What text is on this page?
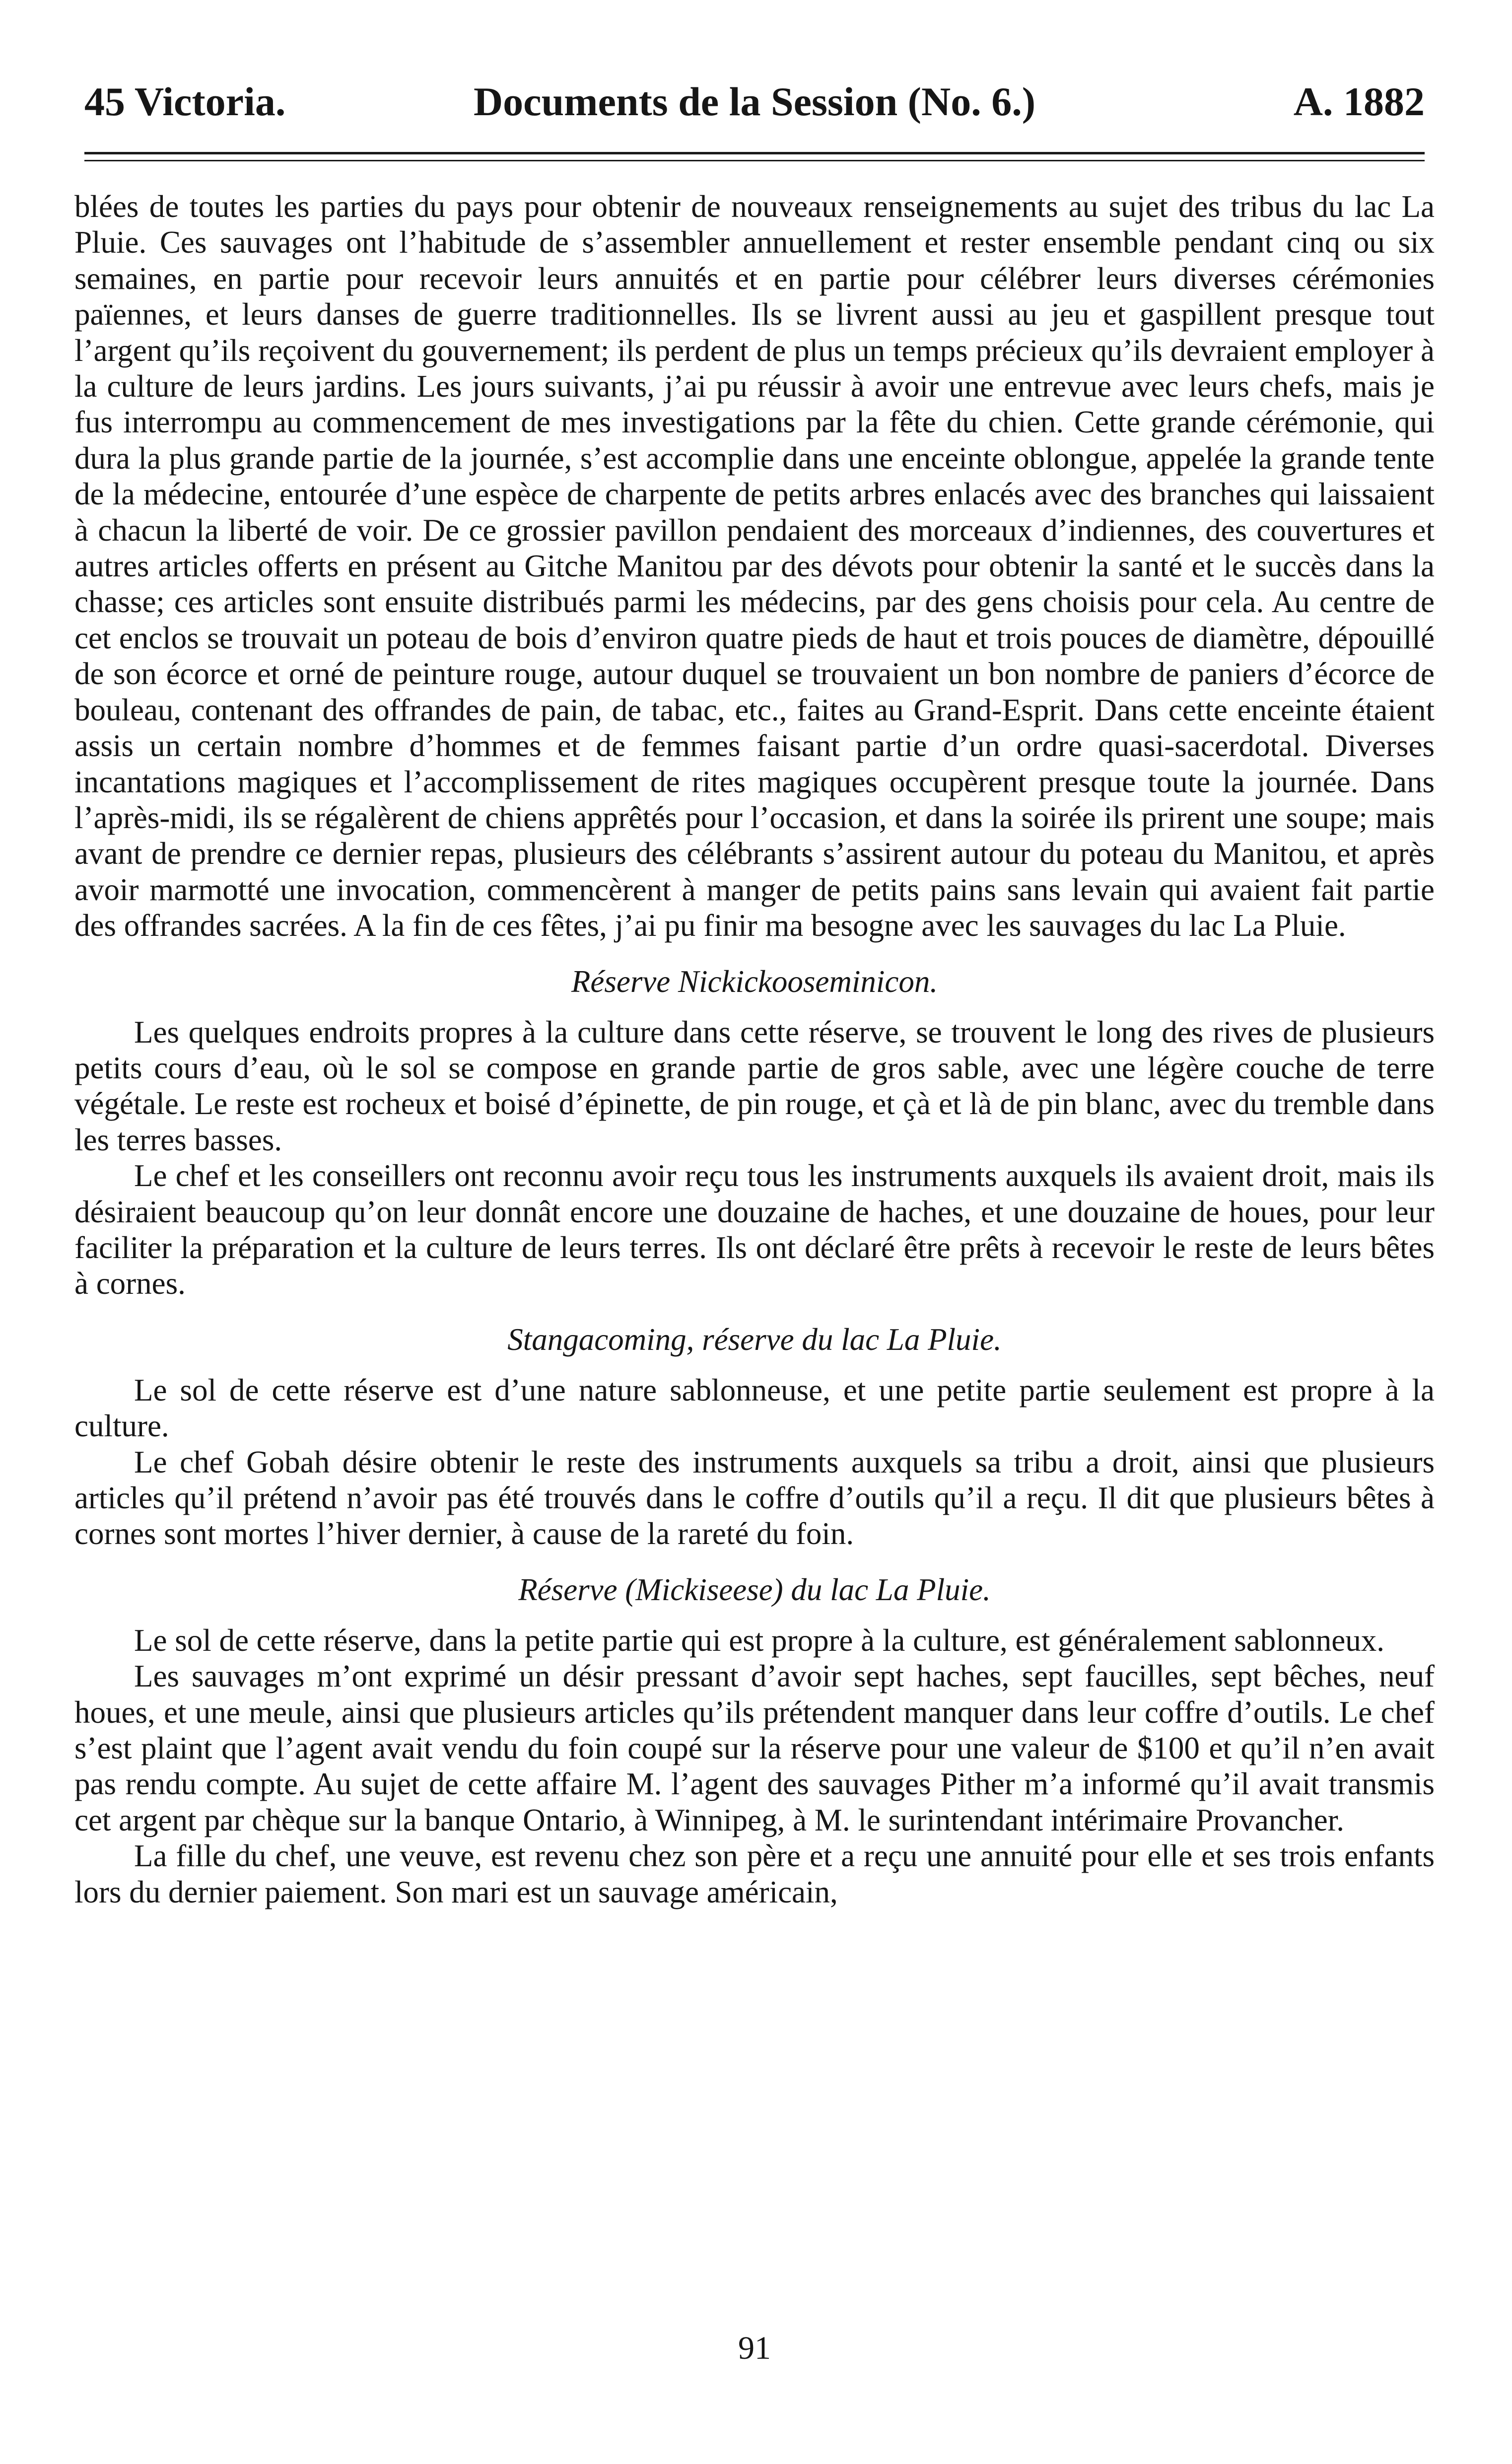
45 Victoria.	Documents de la Session (No. 6.)	A. 1882

blées de toutes les parties du pays pour obtenir de nouveaux renseignements au sujet des tribus du lac La Pluie. Ces sauvages ont l’habitude de s’assembler annuellement et rester ensemble pendant cinq ou six semaines, en partie pour recevoir leurs annuités et en partie pour célébrer leurs diverses cérémonies païennes, et leurs danses de guerre traditionnelles. Ils se livrent aussi au jeu et gaspillent presque tout l’argent qu’ils reçoivent du gouvernement; ils perdent de plus un temps précieux qu’ils devraient employer à la culture de leurs jardins. Les jours suivants, j’ai pu réussir à avoir une entrevue avec leurs chefs, mais je fus interrompu au commencement de mes investigations par la fête du chien. Cette grande cérémonie, qui dura la plus grande partie de la journée, s’est accomplie dans une enceinte oblongue, appelée la grande tente de la médecine, entourée d’une espèce de charpente de petits arbres enlacés avec des branches qui laissaient à chacun la liberté de voir. De ce grossier pavillon pendaient des morceaux d’indiennes, des couvertures et autres articles offerts en présent au Gitche Manitou par des dévots pour obtenir la santé et le succès dans la chasse; ces articles sont ensuite distribués parmi les médecins, par des gens choisis pour cela. Au centre de cet enclos se trouvait un poteau de bois d’environ quatre pieds de haut et trois pouces de diamètre, dépouillé de son écorce et orné de peinture rouge, autour duquel se trouvaient un bon nombre de paniers d’écorce de bouleau, contenant des offrandes de pain, de tabac, etc., faites au Grand-Esprit. Dans cette enceinte étaient assis un certain nombre d’hommes et de femmes faisant partie d’un ordre quasi-sacerdotal. Diverses incantations magiques et l’accomplissement de rites magiques occupèrent presque toute la journée. Dans l’après-midi, ils se régalèrent de chiens apprêtés pour l’occasion, et dans la soirée ils prirent une soupe; mais avant de prendre ce dernier repas, plusieurs des célébrants s’assirent autour du poteau du Manitou, et après avoir marmotté une invocation, commencèrent à manger de petits pains sans levain qui avaient fait partie des offrandes sacrées. A la fin de ces fêtes, j’ai pu finir ma besogne avec les sauvages du lac La Pluie.

Réserve Nickickooseminicon.

Les quelques endroits propres à la culture dans cette réserve, se trouvent le long des rives de plusieurs petits cours d’eau, où le sol se compose en grande partie de gros sable, avec une légère couche de terre végétale. Le reste est rocheux et boisé d’épinette, de pin rouge, et çà et là de pin blanc, avec du tremble dans les terres basses.

Le chef et les conseillers ont reconnu avoir reçu tous les instruments auxquels ils avaient droit, mais ils désiraient beaucoup qu’on leur donnât encore une douzaine de haches, et une douzaine de houes, pour leur faciliter la préparation et la culture de leurs terres. Ils ont déclaré être prêts à recevoir le reste de leurs bêtes à cornes.

Stangacoming, réserve du lac La Pluie.

Le sol de cette réserve est d’une nature sablonneuse, et une petite partie seulement est propre à la culture.

Le chef Gobah désire obtenir le reste des instruments auxquels sa tribu a droit, ainsi que plusieurs articles qu’il prétend n’avoir pas été trouvés dans le coffre d’outils qu’il a reçu. Il dit que plusieurs bêtes à cornes sont mortes l’hiver dernier, à cause de la rareté du foin.

Réserve (Mickiseese) du lac La Pluie.

Le sol de cette réserve, dans la petite partie qui est propre à la culture, est généralement sablonneux.

Les sauvages m’ont exprimé un désir pressant d’avoir sept haches, sept faucilles, sept bêches, neuf houes, et une meule, ainsi que plusieurs articles qu’ils prétendent manquer dans leur coffre d’outils. Le chef s’est plaint que l’agent avait vendu du foin coupé sur la réserve pour une valeur de $100 et qu’il n’en avait pas rendu compte. Au sujet de cette affaire M. l’agent des sauvages Pither m’a informé qu’il avait transmis cet argent par chèque sur la banque Ontario, à Winnipeg, à M. le surintendant intérimaire Provancher.

La fille du chef, une veuve, est revenu chez son père et a reçu une annuité pour elle et ses trois enfants lors du dernier paiement. Son mari est un sauvage américain,

91
